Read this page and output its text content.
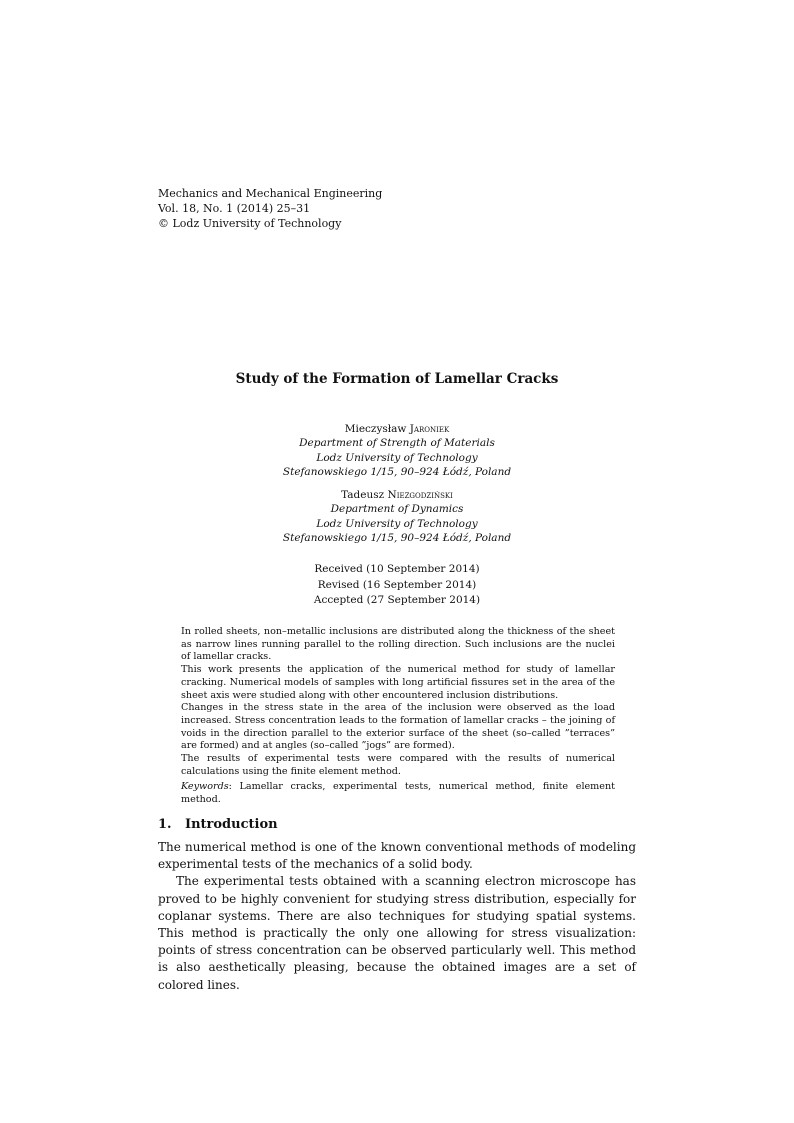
Mechanics and Mechanical Engineering
Vol. 18, No. 1 (2014) 25–31
© Lodz University of Technology
Study of the Formation of Lamellar Cracks
Mieczysław Jaroniek
Department of Strength of Materials
Lodz University of Technology
Stefanowskiego 1/15, 90–924 Łódź, Poland
Tadeusz Niezgodziński
Department of Dynamics
Lodz University of Technology
Stefanowskiego 1/15, 90–924 Łódź, Poland
Received (10 September 2014)
Revised (16 September 2014)
Accepted (27 September 2014)

In rolled sheets, non–metallic inclusions are distributed along the thickness of the sheet as narrow lines running parallel to the rolling direction. Such inclusions are the nuclei of lamellar cracks.

This work presents the application of the numerical method for study of lamellar cracking. Numerical models of samples with long artificial fissures set in the area of the sheet axis were studied along with other encountered inclusion distributions.

Changes in the stress state in the area of the inclusion were observed as the load increased. Stress concentration leads to the formation of lamellar cracks – the joining of voids in the direction parallel to the exterior surface of the sheet (so–called ”terraces” are formed) and at angles (so–called ”jogs” are formed).

The results of experimental tests were compared with the results of numerical calculations using the finite element method.

Keywords: Lamellar cracks, experimental tests, numerical method, finite element method.

1. Introduction

The numerical method is one of the known conventional methods of modeling experimental tests of the mechanics of a solid body.

The experimental tests obtained with a scanning electron microscope has proved to be highly convenient for studying stress distribution, especially for coplanar systems. There are also techniques for studying spatial systems. This method is practically the only one allowing for stress visualization: points of stress concentration can be observed particularly well. This method is also aesthetically pleasing, because the obtained images are a set of colored lines.
